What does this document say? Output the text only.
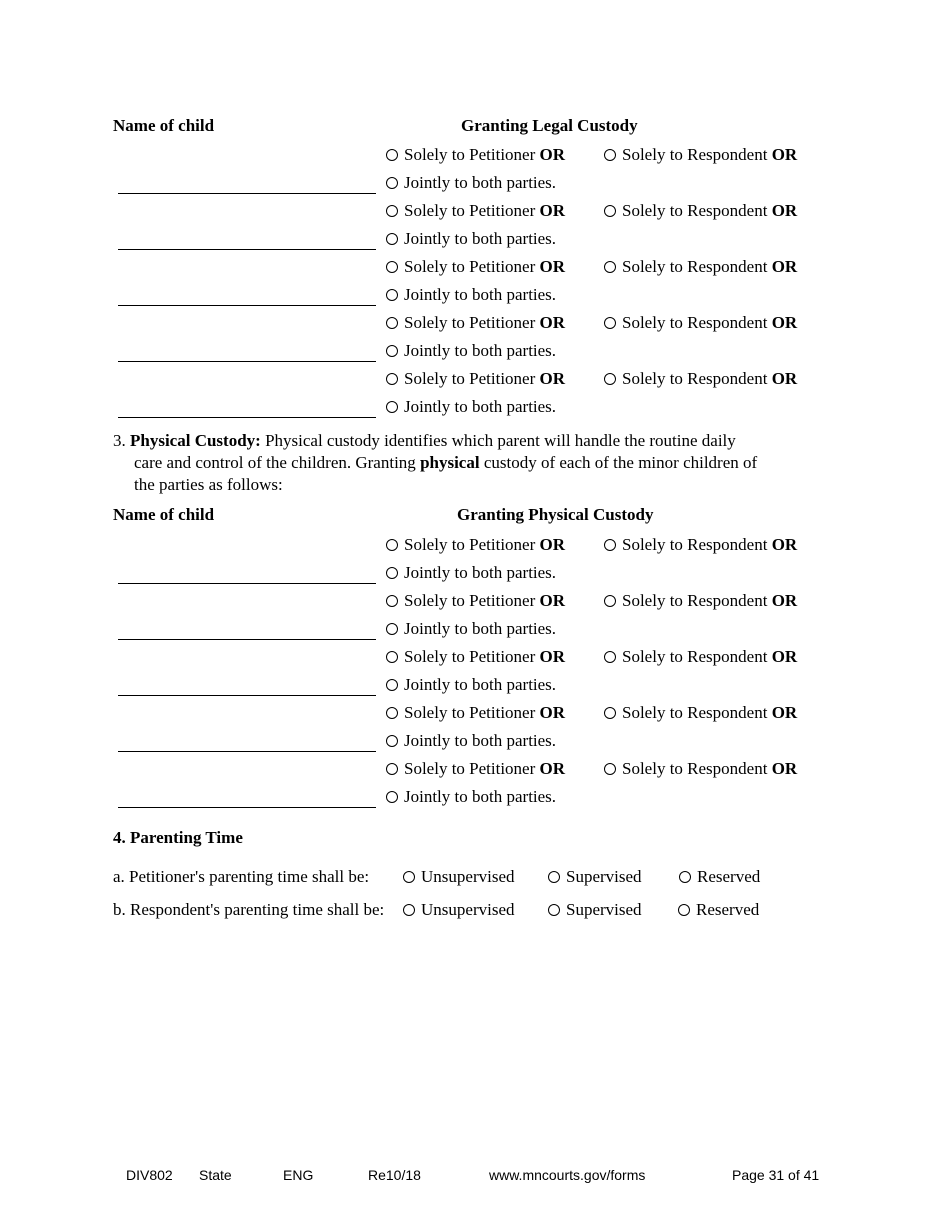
Name of child	Granting Legal Custody
Solely to Petitioner OR	Solely to Respondent OR
Jointly to both parties.
Solely to Petitioner OR	Solely to Respondent OR
Jointly to both parties.
Solely to Petitioner OR	Solely to Respondent OR
Jointly to both parties.
Solely to Petitioner OR	Solely to Respondent OR
Jointly to both parties.
Solely to Petitioner OR	Solely to Respondent OR
Jointly to both parties.
3. Physical Custody: Physical custody identifies which parent will handle the routine daily
care and control of the children. Granting physical custody of each of the minor children of
the parties as follows:
Name of child	Granting Physical Custody
Solely to Petitioner OR	Solely to Respondent OR
Jointly to both parties.
Solely to Petitioner OR	Solely to Respondent OR
Jointly to both parties.
Solely to Petitioner OR	Solely to Respondent OR
Jointly to both parties.
Solely to Petitioner OR	Solely to Respondent OR
Jointly to both parties.
Solely to Petitioner OR	Solely to Respondent OR
Jointly to both parties.
4. Parenting Time
a. Petitioner's parenting time shall be:	Unsupervised	Supervised	Reserved
b. Respondent's parenting time shall be:	Unsupervised	Supervised	Reserved
DIV802 State	ENG	Re10/18	www.mncourts.gov/forms	Page 31 of 41
